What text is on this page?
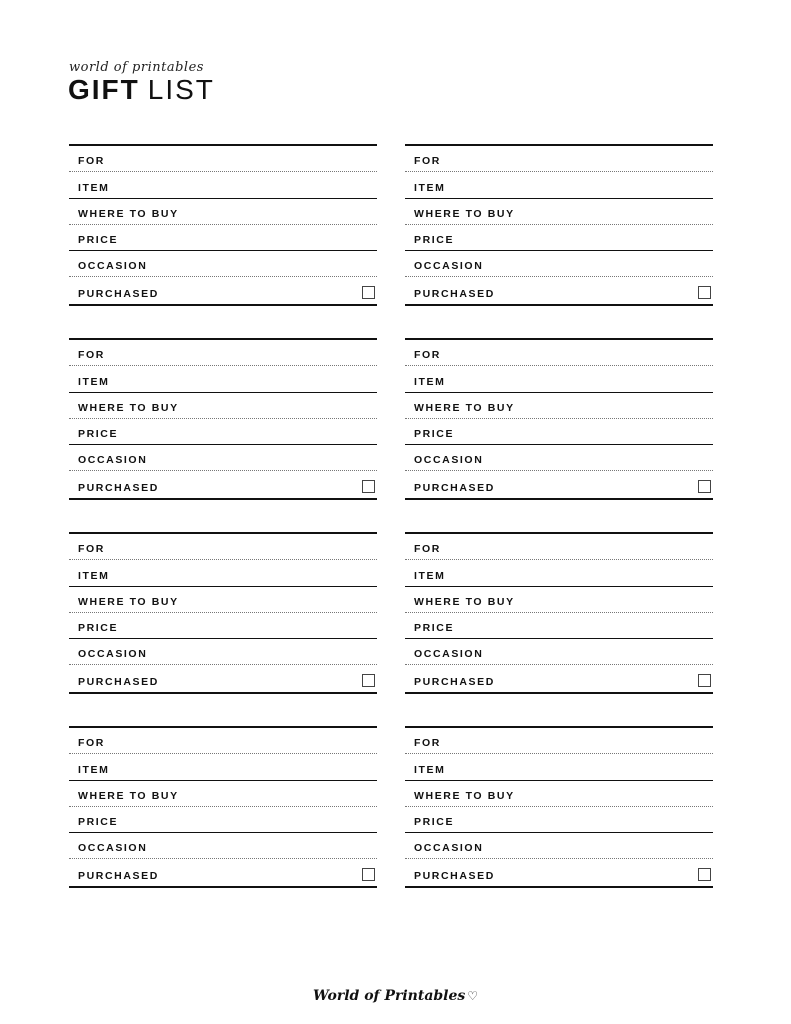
world of printables
GIFT LIST
FOR
ITEM
WHERE TO BUY
PRICE
OCCASION
PURCHASED
FOR
ITEM
WHERE TO BUY
PRICE
OCCASION
PURCHASED
FOR
ITEM
WHERE TO BUY
PRICE
OCCASION
PURCHASED
FOR
ITEM
WHERE TO BUY
PRICE
OCCASION
PURCHASED
FOR
ITEM
WHERE TO BUY
PRICE
OCCASION
PURCHASED
FOR
ITEM
WHERE TO BUY
PRICE
OCCASION
PURCHASED
FOR
ITEM
WHERE TO BUY
PRICE
OCCASION
PURCHASED
FOR
ITEM
WHERE TO BUY
PRICE
OCCASION
PURCHASED
World of Printables ♡
